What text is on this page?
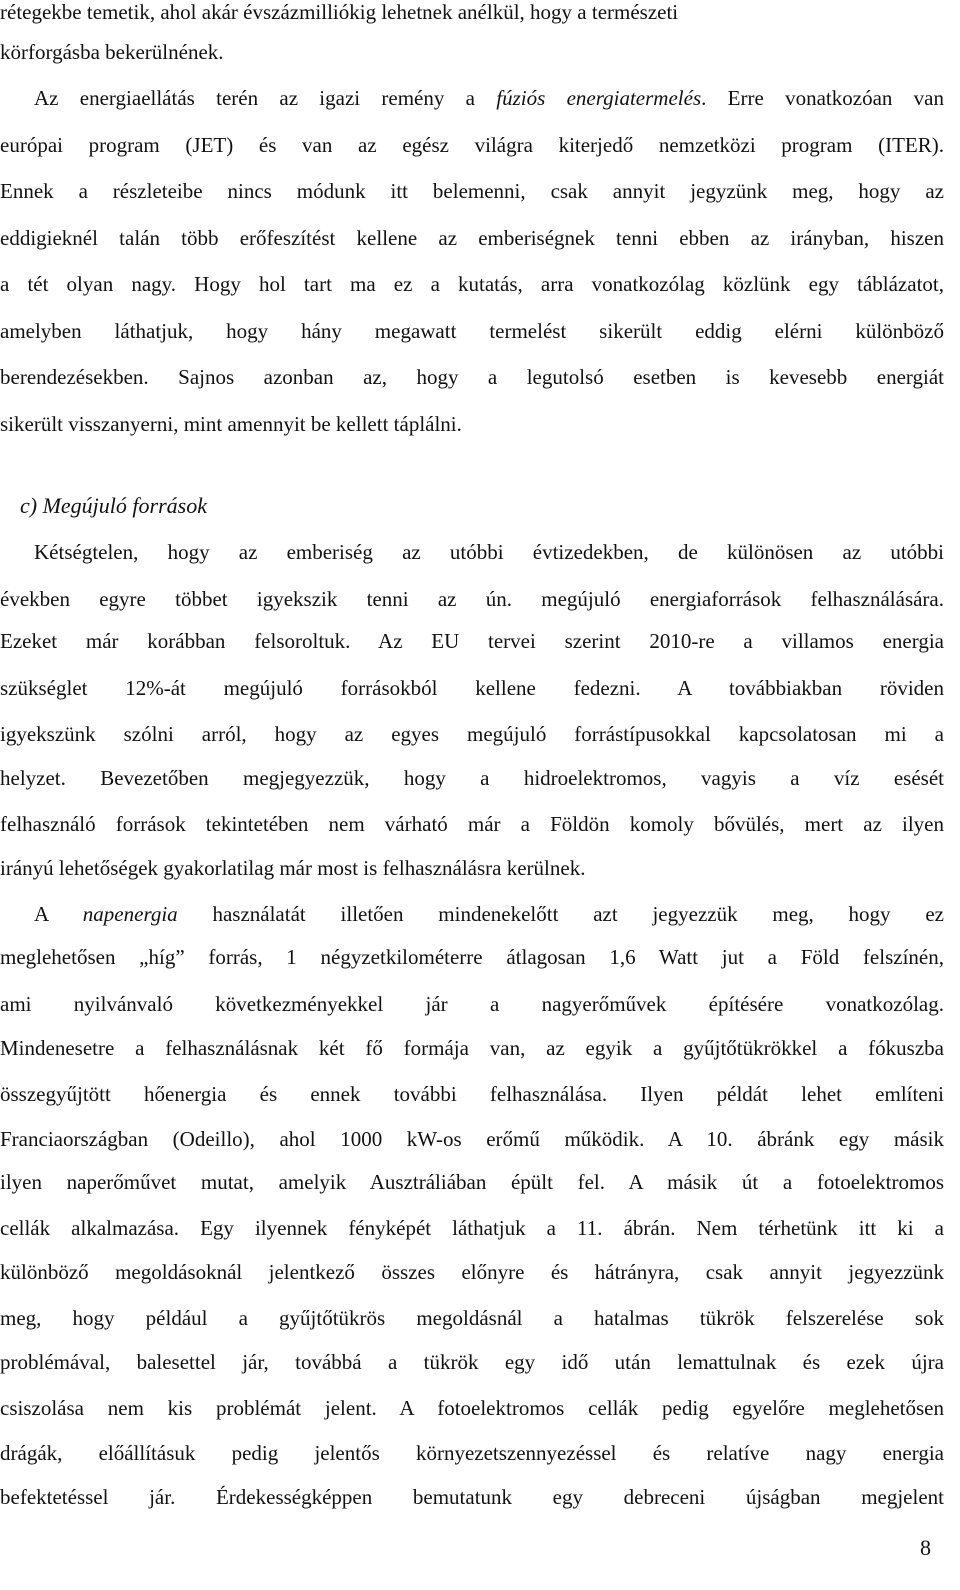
rétegekbe temetik, ahol akár évszázmilliókig lehetnek anélkül, hogy a természeti
körforgásba bekerülnének.
Az energiaellátás terén az igazi remény a fúziós energiatermelés. Erre vonatkozóan van
európai program (JET) és van az egész világra kiterjedő nemzetközi program (ITER).
Ennek a részleteibe nincs módunk itt belemenni, csak annyit jegyzünk meg, hogy az
eddigieknél talán több erőfeszítést kellene az emberiségnek tenni ebben az irányban, hiszen
a tét olyan nagy. Hogy hol tart ma ez a kutatás, arra vonatkozólag közlünk egy táblázatot,
amelyben láthatjuk, hogy hány megawatt termelést sikerült eddig elérni különböző
berendezésekben. Sajnos azonban az, hogy a legutolsó esetben is kevesebb energiát
sikerült visszanyerni, mint amennyit be kellett táplálni.
c) Megújuló források
Kétségtelen, hogy az emberiség az utóbbi évtizedekben, de különösen az utóbbi
években egyre többet igyekszik tenni az ún. megújuló energiaforrások felhasználására.
Ezeket már korábban felsoroltuk. Az EU tervei szerint 2010-re a villamos energia
szükséglet 12%-át megújuló forrásokból kellene fedezni. A továbbiakban röviden
igyekszünk szólni arról, hogy az egyes megújuló forrástípusokkal kapcsolatosan mi a
helyzet. Bevezetőben megjegyezzük, hogy a hidroelektromos, vagyis a víz esését
felhasználó források tekintetében nem várható már a Földön komoly bővülés, mert az ilyen
irányú lehetőségek gyakorlatilag már most is felhasználásra kerülnek.
A napenergia használatát illetően mindenekelőtt azt jegyezzük meg, hogy ez
meglehetősen „híg” forrás, 1 négyzetkilométerre átlagosan 1,6 Watt jut a Föld felszínén,
ami nyilvánvaló következményekkel jár a nagyerőművek építésére vonatkozólag.
Mindenesetre a felhasználásnak két fő formája van, az egyik a gyűjtőtükrökkel a fókuszba
összegyűjtött hőenergia és ennek további felhasználása. Ilyen példát lehet említeni
Franciaországban (Odeillo), ahol 1000 kW-os erőmű működik. A 10. ábránk egy másik
ilyen naperőművet mutat, amelyik Ausztráliában épült fel. A másik út a fotoelektromos
cellák alkalmazása. Egy ilyennek fényképét láthatjuk a 11. ábrán. Nem térhetünk itt ki a
különböző megoldásoknál jelentkező összes előnyre és hátrányra, csak annyit jegyezzünk
meg, hogy például a gyűjtőtükrös megoldásnál a hatalmas tükrök felszerelése sok
problémával, balesettel jár, továbbá a tükrök egy idő után lemattulnak és ezek újra
csiszolása nem kis problémát jelent. A fotoelektromos cellák pedig egyelőre meglehetősen
drágák, előállításuk pedig jelentős környezetszennyezéssel és relatíve nagy energia
befektetéssel jár. Érdekességképpen bemutatunk egy debreceni újságban megjelent
8
